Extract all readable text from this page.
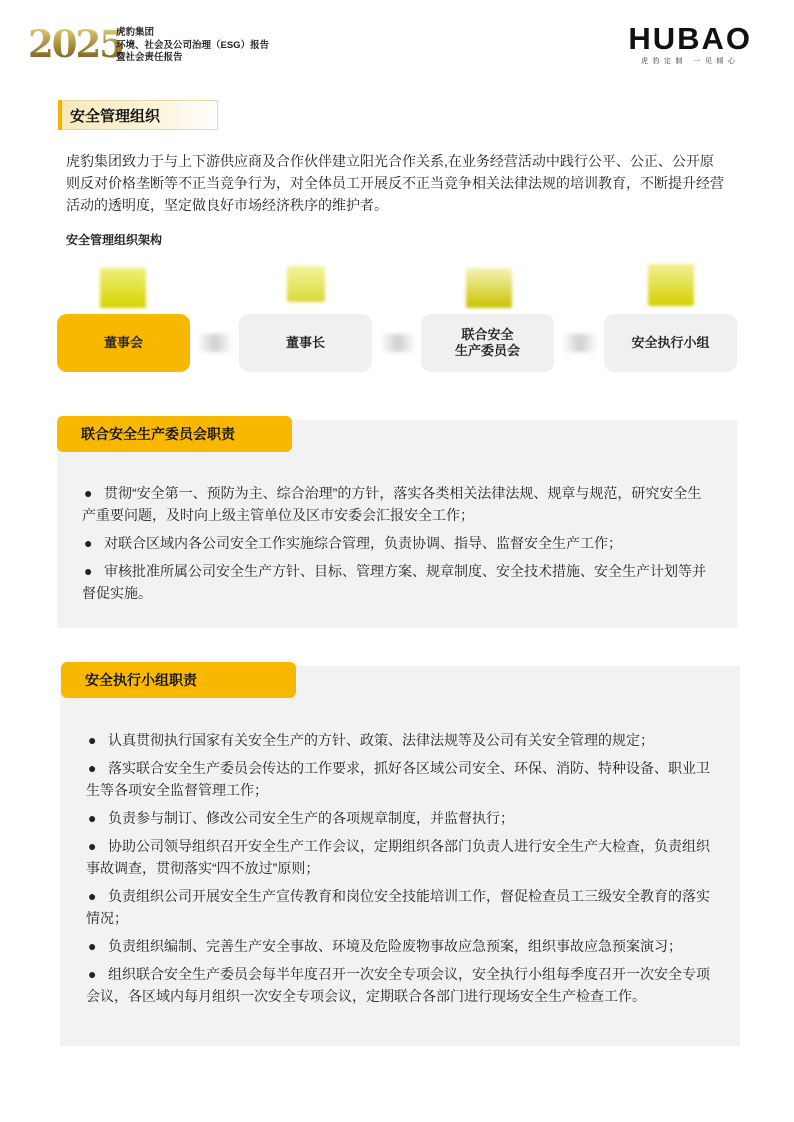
2025
虎豹集团
环境、社会及公司治理（ESG）报告
暨社会责任报告
HUBAO
虎豹定制 一见倾心
安全管理组织
虎豹集团致力于与上下游供应商及合作伙伴建立阳光合作关系,在业务经营活动中践行公平、公正、公开原则反对价格垄断等不正当竞争行为，对全体员工开展反不正当竞争相关法律法规的培训教育，不断提升经营活动的透明度，坚定做良好市场经济秩序的维护者。
安全管理组织架构
董事会	董事长
联合安全
生产委员会
安全执行小组
联合安全生产委员会职责
● 贯彻“安全第一、预防为主、综合治理”的方针，落实各类相关法律法规、规章与规范，研究安全生产重要问题，及时向上级主管单位及区市安委会汇报安全工作；
● 对联合区域内各公司安全工作实施综合管理，负责协调、指导、监督安全生产工作；
● 审核批准所属公司安全生产方针、目标、管理方案、规章制度、安全技术措施、安全生产计划等并督促实施。
安全执行小组职责
● 认真贯彻执行国家有关安全生产的方针、政策、法律法规等及公司有关安全管理的规定；
● 落实联合安全生产委员会传达的工作要求，抓好各区域公司安全、环保、消防、特种设备、职业卫生等各项安全监督管理工作；
● 负责参与制订、修改公司安全生产的各项规章制度，并监督执行；
● 协助公司领导组织召开安全生产工作会议，定期组织各部门负责人进行安全生产大检查，负责组织事故调查，贯彻落实“四不放过”原则；
● 负责组织公司开展安全生产宣传教育和岗位安全技能培训工作，督促检查员工三级安全教育的落实情况；
● 负责组织编制、完善生产安全事故、环境及危险废物事故应急预案，组织事故应急预案演习；
● 组织联合安全生产委员会每半年度召开一次安全专项会议，安全执行小组每季度召开一次安全专项会议，各区域内每月组织一次安全专项会议，定期联合各部门进行现场安全生产检查工作。
